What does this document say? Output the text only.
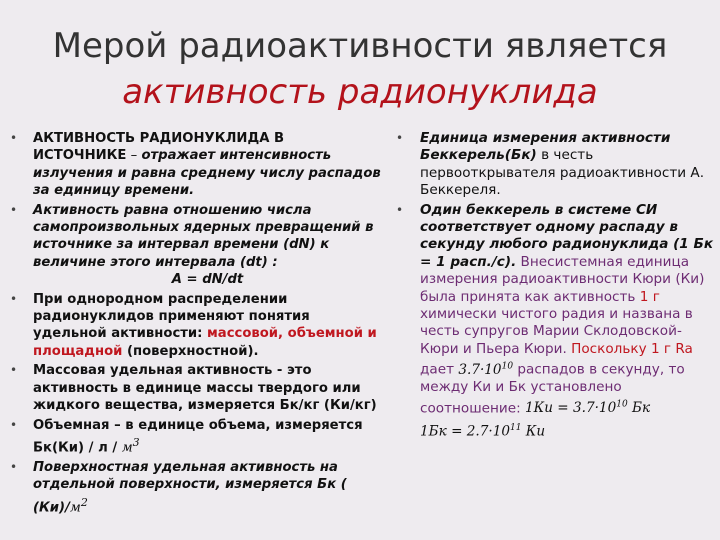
Мерой радиоактивности является
активность радионуклида
• АКТИВНОСТЬ РАДИОНУКЛИДА В ИСТОЧНИКЕ – отражает интенсивность излучения и равна среднему числу распадов за единицу времени.
• Активность равна отношению числа самопроизвольных ядерных превращений в источнике за интервал времени (dN) к величине этого интервала (dt) :
A = dN/dt
• При однородном распределении радионуклидов применяют понятия удельной активности: массовой, объемной и площадной (поверхностной).
• Массовая удельная активность - это активность в единице массы твердого или жидкого вещества, измеряется Бк/кг (Ки/кг)
• Объемная – в единице объема, измеряется Бк(Ки) / л / $м^3$
• Поверхностная удельная активность на отдельной поверхности, измеряется Бк ( $(Ки)/м^2$
• Единица измерения активности Беккерель(Бк) в честь первооткрывателя радиоактивности А. Беккереля.
• Один беккерель в системе СИ соответствует одному распаду в секунду любого радионуклида (1 Бк = 1 расп./с). Внесистемная единица измерения радиоактивности Кюри (Ки) была принята как активность 1 г химически чистого радия и названа в честь супругов Марии Склодовской-Кюри и Пьера Кюри. Поскольку 1 г Ra дает $3.7\cdot 10^{10}$ распадов в секунду, то между Ки и Бк установлено соотношение: $1Ки = 3.7\cdot 10^{10}$ Бк
$1Бк = 2.7\cdot 10^{11}$ Ки
